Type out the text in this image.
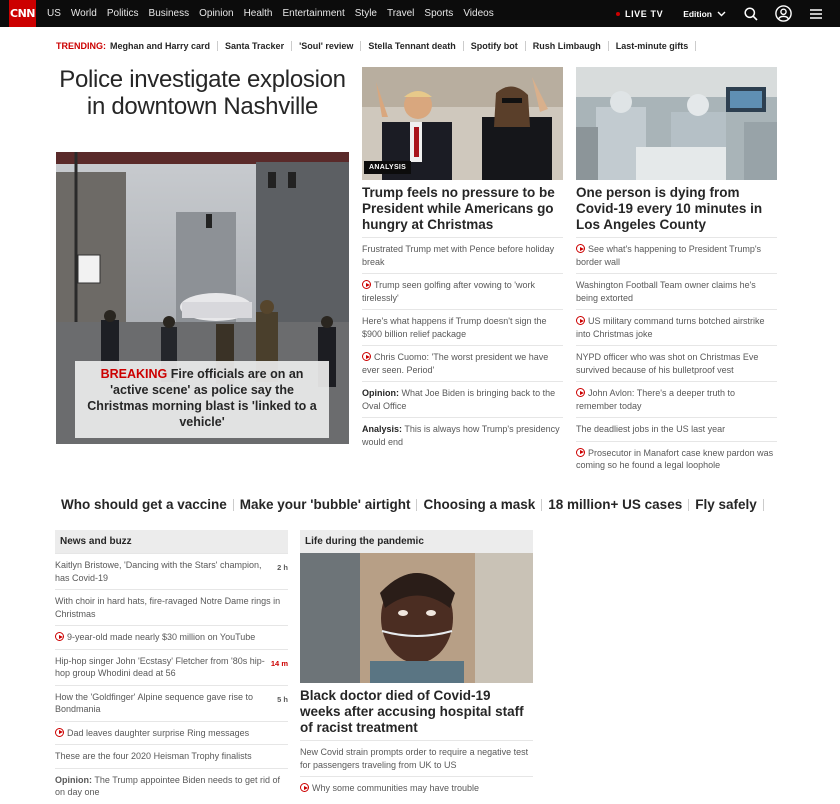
CNN US World Politics Business Opinion Health Entertainment Style Travel Sports Videos	LIVE TV Edition
TRENDING: Meghan and Harry card Santa Tracker 'Soul' review Stella Tennant death Spotify bot Rush Limbaugh Last-minute gifts
Police investigate explosion in downtown Nashville
BREAKING Fire officials are on an 'active scene' as police say the Christmas morning blast is 'linked to a vehicle'
ANALYSIS
Trump feels no pressure to be President while Americans go hungry at Christmas
Frustrated Trump met with Pence before holiday break
Trump seen golfing after vowing to 'work tirelessly'
Here's what happens if Trump doesn't sign the $900 billion relief package
Chris Cuomo: 'The worst president we have ever seen. Period'
Opinion: What Joe Biden is bringing back to the Oval Office
Analysis: This is always how Trump's presidency would end
One person is dying from Covid-19 every 10 minutes in Los Angeles County
See what's happening to President Trump's border wall
Washington Football Team owner claims he's being extorted
US military command turns botched airstrike into Christmas joke
NYPD officer who was shot on Christmas Eve survived because of his bulletproof vest
John Avlon: There's a deeper truth to remember today
The deadliest jobs in the US last year
Prosecutor in Manafort case knew pardon was coming so he found a legal loophole
Who should get a vaccine Make your 'bubble' airtight Choosing a mask 18 million+ US cases Fly safely
News and buzz
Kaitlyn Bristowe, 'Dancing with the Stars' champion, has Covid-19
2 h
With choir in hard hats, fire-ravaged Notre Dame rings in Christmas
9-year-old made nearly $30 million on YouTube
Hip-hop singer John 'Ecstasy' Fletcher from '80s hip-hop group Whodini dead at 56
14 m
How the 'Goldfinger' Alpine sequence gave rise to Bondmania
5 h
Dad leaves daughter surprise Ring messages
These are the four 2020 Heisman Trophy finalists
Opinion: The Trump appointee Biden needs to get rid of on day one
Life during the pandemic
Black doctor died of Covid-19 weeks after accusing hospital staff of racist treatment
New Covid strain prompts order to require a negative test for passengers traveling from UK to US
Why some communities may have trouble
